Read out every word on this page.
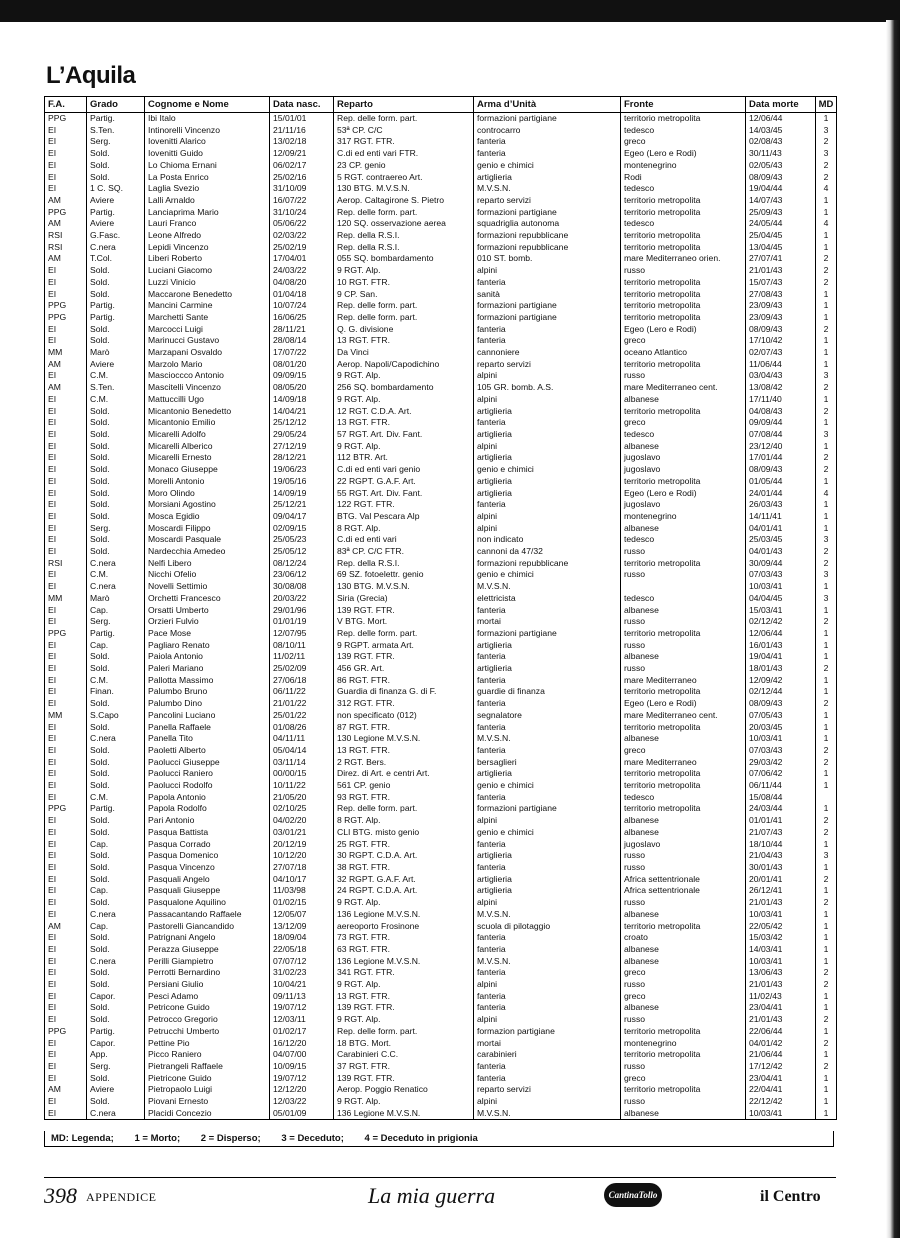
L’Aquila
F.A.	Grado	Cognome e Nome	Data nasc.	Reparto	Arma d’Unità	Fronte	Data morte	MD
PPG	Partig.	Ibi Italo	15/01/01	Rep. delle form. part.	formazioni partigiane	territorio metropolita	12/06/44	1
EI	S.Ten.	Intinorelli Vincenzo	21/11/16	53ª CP. C/C	controcarro	tedesco	14/03/45	3
EI	Serg.	Iovenitti Alarico	13/02/18	317 RGT. FTR.	fanteria	greco	02/08/43	2
EI	Sold.	Iovenitti Guido	12/09/21	C.di ed enti vari FTR.	fanteria	Egeo (Lero e Rodi)	30/11/43	3
EI	Sold.	Lo Chioma Ernani	06/02/17	23 CP. genio	genio e chimici	montenegrino	02/05/43	2
EI	Sold.	La Posta Enrico	25/02/16	5 RGT. contraereo Art.	artiglieria	Rodi	08/09/43	2
EI	1 C. SQ.	Laglia Svezio	31/10/09	130 BTG. M.V.S.N.	M.V.S.N.	tedesco	19/04/44	4
AM	Aviere	Lalli Arnaldo	16/07/22	Aerop. Caltagirone S. Pietro	reparto servizi	territorio metropolita	14/07/43	1
PPG	Partig.	Lanciaprima Mario	31/10/24	Rep. delle form. part.	formazioni partigiane	territorio metropolita	25/09/43	1
AM	Aviere	Lauri Franco	05/06/22	120 SQ. osservazione aerea	squadriglia autonoma	tedesco	24/05/44	4
RSI	G.Fasc.	Leone Alfredo	02/03/22	Rep. della R.S.I.	formazioni repubblicane	territorio metropolita	25/04/45	1
RSI	C.nera	Lepidi Vincenzo	25/02/19	Rep. della R.S.I.	formazioni repubblicane	territorio metropolita	13/04/45	1
AM	T.Col.	Liberi Roberto	17/04/01	055 SQ. bombardamento	010 ST. bomb.	mare Mediterraneo orien.	27/07/41	2
EI	Sold.	Luciani Giacomo	24/03/22	9 RGT. Alp.	alpini	russo	21/01/43	2
EI	Sold.	Luzzi Vinicio	04/08/20	10 RGT. FTR.	fanteria	territorio metropolita	15/07/43	2
EI	Sold.	Maccarone Benedetto	01/04/18	9 CP. San.	sanità	territorio metropolita	27/08/43	1
PPG	Partig.	Mancini Carmine	10/07/24	Rep. delle form. part.	formazioni partigiane	territorio metropolita	23/09/43	1
PPG	Partig.	Marchetti Sante	16/06/25	Rep. delle form. part.	formazioni partigiane	territorio metropolita	23/09/43	1
EI	Sold.	Marcocci Luigi	28/11/21	Q. G. divisione	fanteria	Egeo (Lero e Rodi)	08/09/43	2
EI	Sold.	Marinucci Gustavo	28/08/14	13 RGT. FTR.	fanteria	greco	17/10/42	1
MM	Marò	Marzapani Osvaldo	17/07/22	Da Vinci	cannoniere	oceano Atlantico	02/07/43	1
AM	Aviere	Marzolo Mario	08/01/20	Aerop. Napoli/Capodichino	reparto servizi	territorio metropolita	11/06/44	1
EI	C.M.	Mascioccco Antonio	09/09/15	9 RGT. Alp.	alpini	russo	03/04/43	3
AM	S.Ten.	Mascitelli Vincenzo	08/05/20	256 SQ. bombardamento	105 GR. bomb. A.S.	mare Mediterraneo cent.	13/08/42	2
EI	C.M.	Mattuccilli Ugo	14/09/18	9 RGT. Alp.	alpini	albanese	17/11/40	1
EI	Sold.	Micantonio Benedetto	14/04/21	12 RGT. C.D.A. Art.	artiglieria	territorio metropolita	04/08/43	2
EI	Sold.	Micantonio Emilio	25/12/12	13 RGT. FTR.	fanteria	greco	09/09/44	1
EI	Sold.	Micarelli Adolfo	29/05/24	57 RGT. Art. Div. Fant.	artiglieria	tedesco	07/08/44	3
EI	Sold.	Micarelli Alberico	27/12/19	9 RGT. Alp.	alpini	albanese	23/12/40	1
EI	Sold.	Micarelli Ernesto	28/12/21	112 BTR. Art.	artiglieria	jugoslavo	17/01/44	2
EI	Sold.	Monaco Giuseppe	19/06/23	C.di ed enti vari genio	genio e chimici	jugoslavo	08/09/43	2
EI	Sold.	Morelli Antonio	19/05/16	22 RGPT. G.A.F. Art.	artiglieria	territorio metropolita	01/05/44	1
EI	Sold.	Moro Olindo	14/09/19	55 RGT. Art. Div. Fant.	artiglieria	Egeo (Lero e Rodi)	24/01/44	4
EI	Sold.	Morsiani Agostino	25/12/21	122 RGT. FTR.	fanteria	jugoslavo	26/03/43	1
EI	Sold.	Mosca Egidio	09/04/17	BTG. Val Pescara Alp	alpini	montenegrino	14/11/41	1
EI	Serg.	Moscardi Filippo	02/09/15	8 RGT. Alp.	alpini	albanese	04/01/41	1
EI	Sold.	Moscardi Pasquale	25/05/23	C.di ed enti vari	non indicato	tedesco	25/03/45	3
EI	Sold.	Nardecchia Amedeo	25/05/12	83ª CP. C/C FTR.	cannoni da 47/32	russo	04/01/43	2
RSI	C.nera	Nelfi Libero	08/12/24	Rep. della R.S.I.	formazioni repubblicane	territorio metropolita	30/09/44	2
EI	C.M.	Nicchi Ofelio	23/06/12	69 SZ. fotoelettr. genio	genio e chimici	russo	07/03/43	3
EI	C.nera	Novelli Settimio	30/08/08	130 BTG. M.V.S.N.	M.V.S.N.		10/03/41	1
MM	Marò	Orchetti Francesco	20/03/22	Siria (Grecia)	elettricista	tedesco	04/04/45	3
EI	Cap.	Orsatti Umberto	29/01/96	139 RGT. FTR.	fanteria	albanese	15/03/41	1
EI	Serg.	Orzieri Fulvio	01/01/19	V BTG. Mort.	mortai	russo	02/12/42	2
PPG	Partig.	Pace Mose	12/07/95	Rep. delle form. part.	formazioni partigiane	territorio metropolita	12/06/44	1
EI	Cap.	Pagliaro Renato	08/10/11	9 RGPT. armata Art.	artiglieria	russo	16/01/43	1
EI	Sold.	Paiola Antonio	11/02/11	139 RGT. FTR.	fanteria	albanese	19/04/41	1
EI	Sold.	Paleri Mariano	25/02/09	456 GR. Art.	artiglieria	russo	18/01/43	2
EI	C.M.	Pallotta Massimo	27/06/18	86 RGT. FTR.	fanteria	mare Mediterraneo	12/09/42	1
EI	Finan.	Palumbo Bruno	06/11/22	Guardia di finanza G. di F.	guardie di finanza	territorio metropolita	02/12/44	1
EI	Sold.	Palumbo Dino	21/01/22	312 RGT. FTR.	fanteria	Egeo (Lero e Rodi)	08/09/43	2
MM	S.Capo	Pancolini Luciano	25/01/22	non specificato (012)	segnalatore	mare Mediterraneo cent.	07/05/43	1
EI	Sold.	Panella Raffaele	01/08/26	87 RGT. FTR.	fanteria	territorio metropolita	20/03/45	1
EI	C.nera	Panella Tito	04/11/11	130 Legione M.V.S.N.	M.V.S.N.	albanese	10/03/41	1
EI	Sold.	Paoletti Alberto	05/04/14	13 RGT. FTR.	fanteria	greco	07/03/43	2
EI	Sold.	Paolucci Giuseppe	03/11/14	2 RGT. Bers.	bersaglieri	mare Mediterraneo	29/03/42	2
EI	Sold.	Paolucci Raniero	00/00/15	Direz. di Art. e centri Art.	artiglieria	territorio metropolita	07/06/42	1
EI	Sold.	Paolucci Rodolfo	10/11/22	561 CP. genio	genio e chimici	territorio metropolita	06/11/44	1
EI	C.M.	Papola Antonio	21/05/20	93 RGT. FTR.	fanteria	tedesco	15/08/44	
PPG	Partig.	Papola Rodolfo	02/10/25	Rep. delle form. part.	formazioni partigiane	territorio metropolita	24/03/44	1
EI	Sold.	Pari Antonio	04/02/20	8 RGT. Alp.	alpini	albanese	01/01/41	2
EI	Sold.	Pasqua Battista	03/01/21	CLI BTG. misto genio	genio e chimici	albanese	21/07/43	2
EI	Cap.	Pasqua Corrado	20/12/19	25 RGT. FTR.	fanteria	jugoslavo	18/10/44	1
EI	Sold.	Pasqua Domenico	10/12/20	30 RGPT. C.D.A. Art.	artiglieria	russo	21/04/43	3
EI	Sold.	Pasqua Vincenzo	27/07/18	38 RGT. FTR.	fanteria	russo	30/01/43	1
EI	Sold.	Pasquali Angelo	04/10/17	32 RGPT. G.A.F. Art.	artiglieria	Africa settentrionale	20/01/41	2
EI	Cap.	Pasquali Giuseppe	11/03/98	24 RGPT. C.D.A. Art.	artiglieria	Africa settentrionale	26/12/41	1
EI	Sold.	Pasqualone Aquilino	01/02/15	9 RGT. Alp.	alpini	russo	21/01/43	2
EI	C.nera	Passacantando Raffaele	12/05/07	136 Legione M.V.S.N.	M.V.S.N.	albanese	10/03/41	1
AM	Cap.	Pastorelli Giancandido	13/12/09	aereoporto Frosinone	scuola di pilotaggio	territorio metropolita	22/05/42	1
EI	Sold.	Patrignani Angelo	18/09/04	73 RGT. FTR.	fanteria	croato	15/03/42	1
EI	Sold.	Perazza Giuseppe	22/05/18	63 RGT. FTR.	fanteria	albanese	14/03/41	1
EI	C.nera	Perilli Giampietro	07/07/12	136 Legione M.V.S.N.	M.V.S.N.	albanese	10/03/41	1
EI	Sold.	Perrotti Bernardino	31/02/23	341 RGT. FTR.	fanteria	greco	13/06/43	2
EI	Sold.	Persiani Giulio	10/04/21	9 RGT. Alp.	alpini	russo	21/01/43	2
EI	Capor.	Pesci Adamo	09/11/13	13 RGT. FTR.	fanteria	greco	11/02/43	1
EI	Sold.	Petricone Guido	19/07/12	139 RGT. FTR.	fanteria	albanese	23/04/41	1
EI	Sold.	Petrocco Gregorio	12/03/11	9 RGT. Alp.	alpini	russo	21/01/43	2
PPG	Partig.	Petrucchi Umberto	01/02/17	Rep. delle form. part.	formazion partigiane	territorio metropolita	22/06/44	1
EI	Capor.	Pettine Pio	16/12/20	18 BTG. Mort.	mortai	montenegrino	04/01/42	2
EI	App.	Picco Raniero	04/07/00	Carabinieri C.C.	carabinieri	territorio metropolita	21/06/44	1
EI	Serg.	Pietrangeli Raffaele	10/09/15	37 RGT. FTR.	fanteria	russo	17/12/42	2
EI	Sold.	Pietricone Guido	19/07/12	139 RGT. FTR.	fanteria	greco	23/04/41	1
AM	Aviere	Pietropaolo Luigi	12/12/20	Aerop. Poggio Renatico	reparto servizi	territorio metropolita	22/04/41	1
EI	Sold.	Piovani Ernesto	12/03/22	9 RGT. Alp.	alpini	russo	22/12/42	1
EI	C.nera	Placidi Concezio	05/01/09	136 Legione M.V.S.N.	M.V.S.N.	albanese	10/03/41	1
MD: Legenda; 1 = Morto; 2 = Disperso; 3 = Deceduto; 4 = Deceduto in prigionia
398 APPENDICE	La mia guerra	CantinaTollo	il Centro
